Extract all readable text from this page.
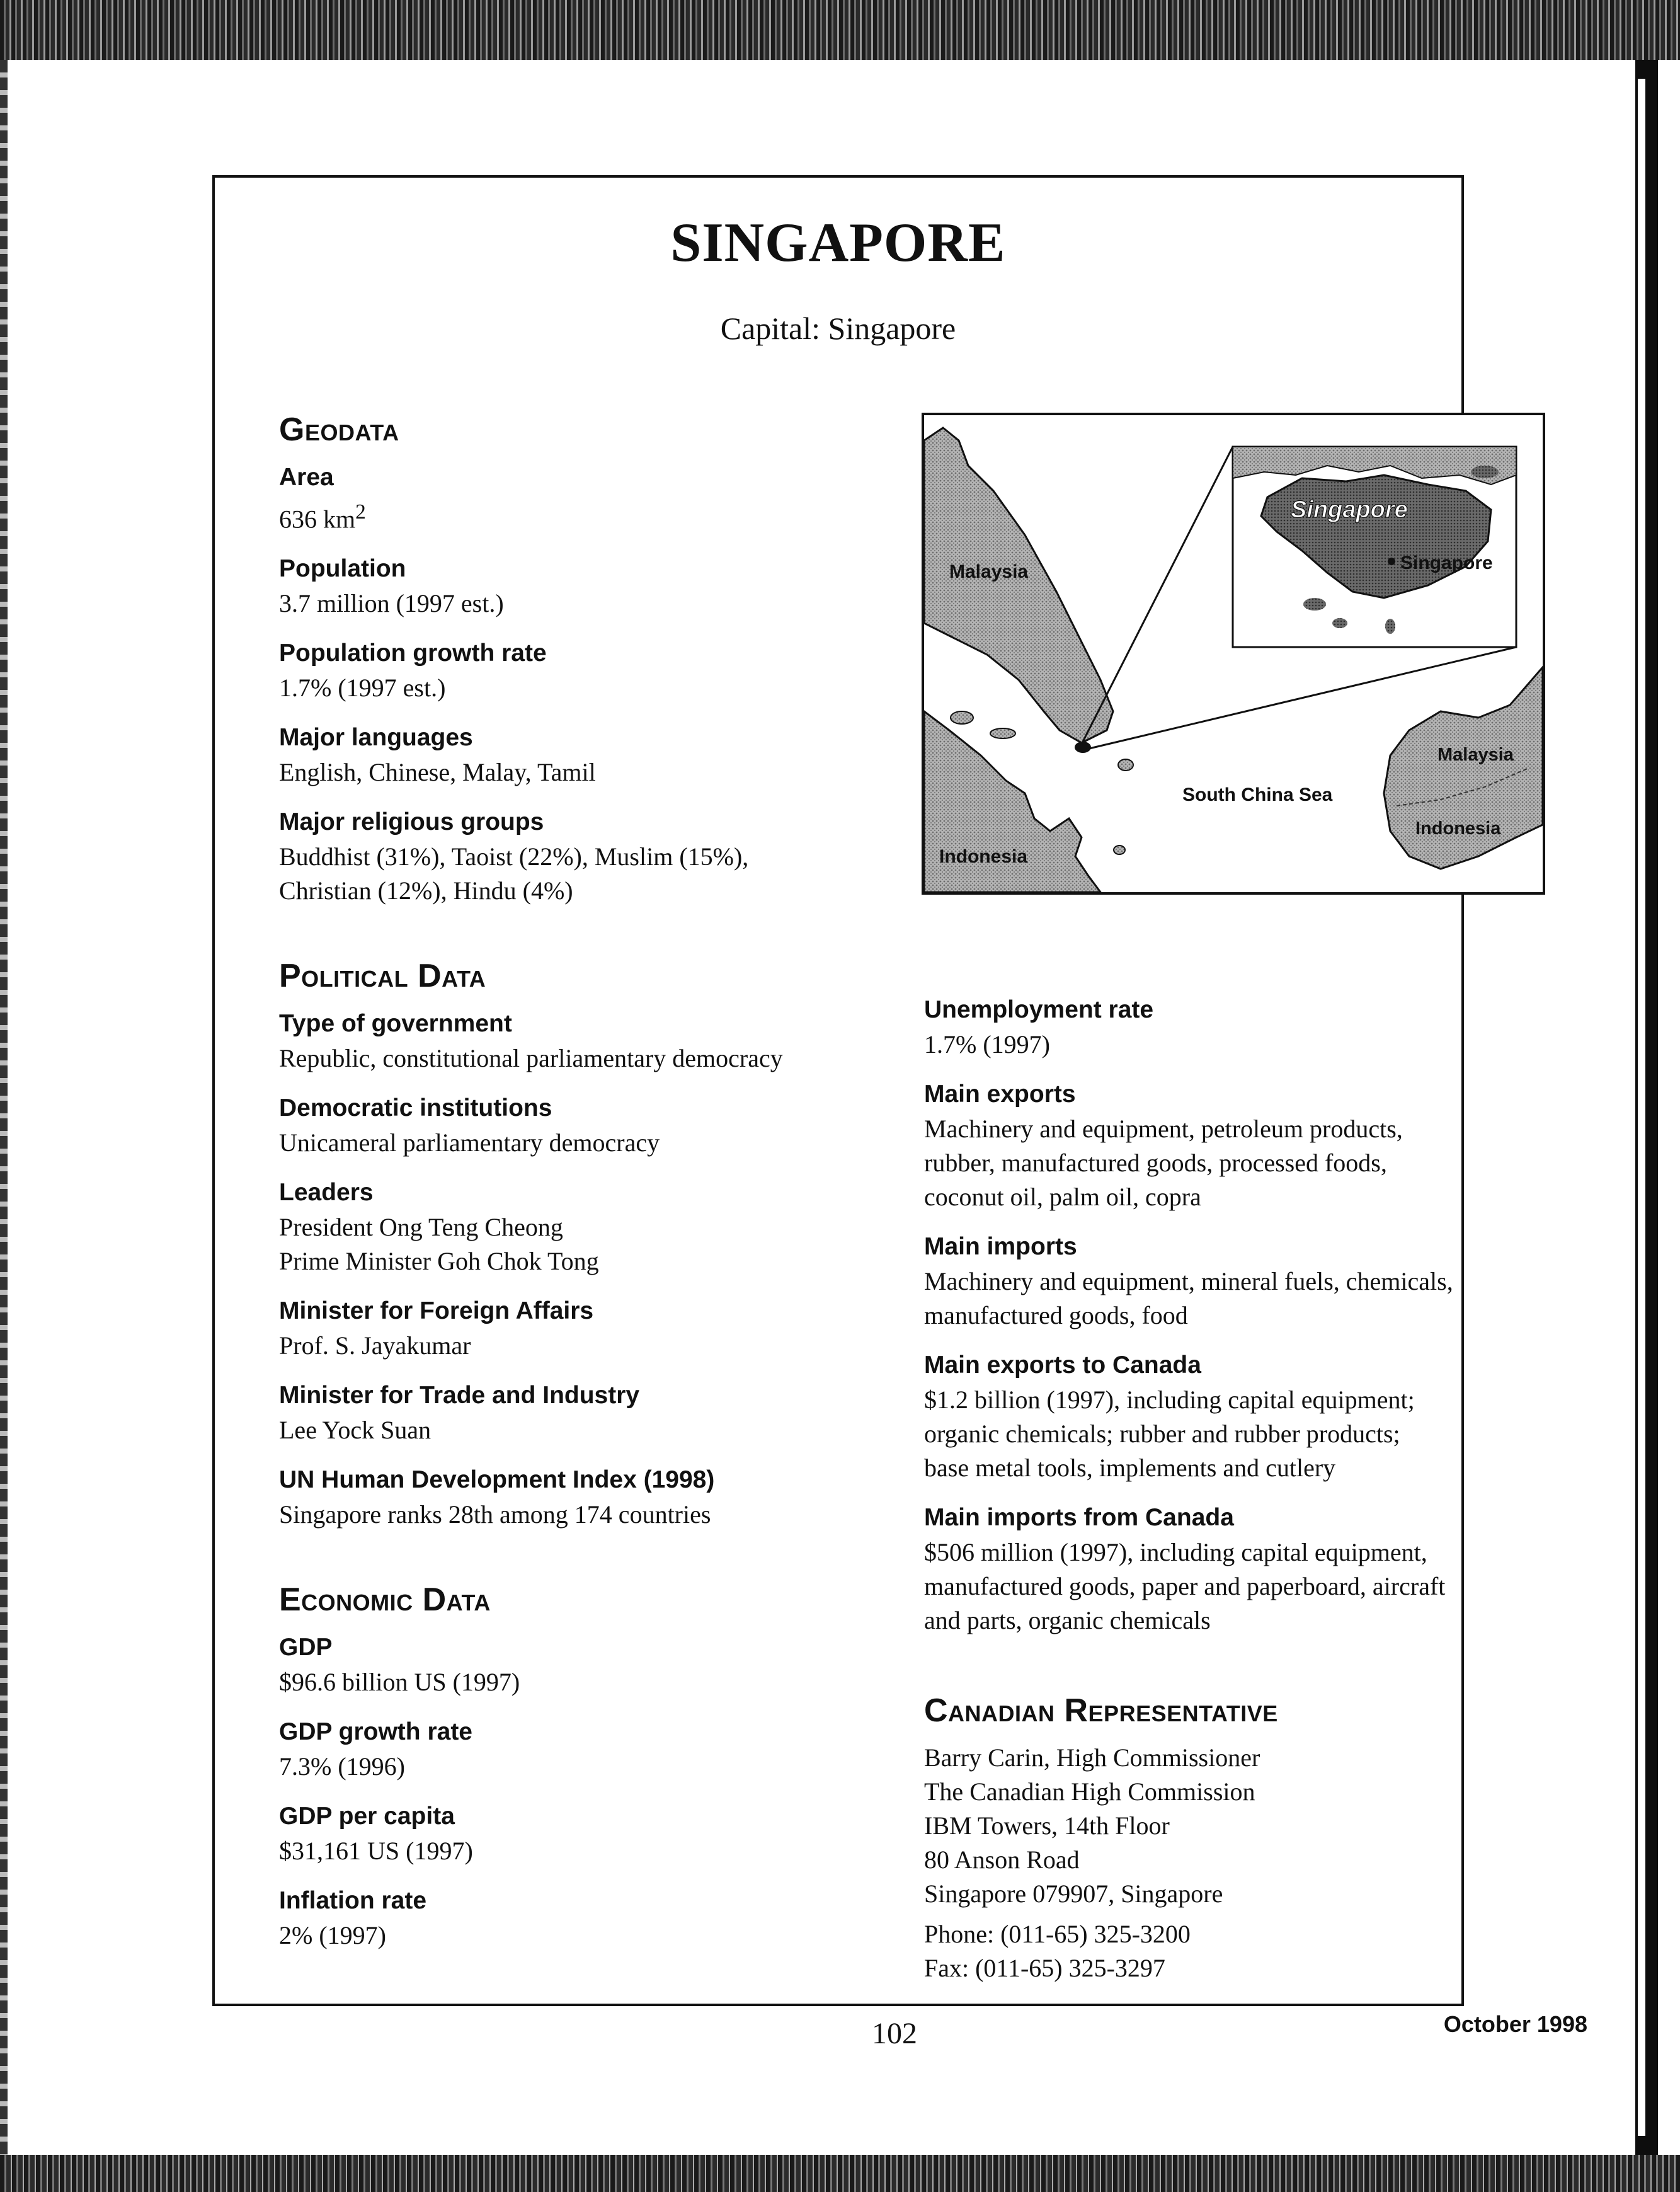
SINGAPORE

Capital: Singapore

Geodata

Area

636 $km^2$

Population

3.7 million (1997 est.)

Population growth rate

1.7% (1997 est.)

Major languages

English, Chinese, Malay, Tamil

Major religious groups

Buddhist (31%), Taoist (22%), Muslim (15%),

Christian (12%), Hindu (4%)

Political Data

Type of government

Republic, constitutional parliamentary democracy

Democratic institutions

Unicameral parliamentary democracy

Leaders

President Ong Teng Cheong

Prime Minister Goh Chok Tong

Minister for Foreign Affairs

Prof. S. Jayakumar

Minister for Trade and Industry

Lee Yock Suan

UN Human Development Index (1998)

Singapore ranks 28th among 174 countries

Economic Data

GDP

$96.6 billion US (1997)

GDP growth rate

7.3% (1996)

GDP per capita

$31,161 US (1997)

Inflation rate

2% (1997)

Malaysia
Indonesia
South China Sea
Malaysia
Indonesia
Singapore
Singapore

Unemployment rate

1.7% (1997)

Main exports

Machinery and equipment, petroleum products,

rubber, manufactured goods, processed foods,

coconut oil, palm oil, copra

Main imports

Machinery and equipment, mineral fuels, chemicals,

manufactured goods, food

Main exports to Canada

$1.2 billion (1997), including capital equipment;

organic chemicals; rubber and rubber products;

base metal tools, implements and cutlery

Main imports from Canada

$506 million (1997), including capital equipment,

manufactured goods, paper and paperboard, aircraft

and parts, organic chemicals

Canadian Representative

Barry Carin, High Commissioner

The Canadian High Commission

IBM Towers, 14th Floor

80 Anson Road

Singapore 079907, Singapore

Phone: (011-65) 325-3200

Fax: (011-65) 325-3297

102	October 1998
